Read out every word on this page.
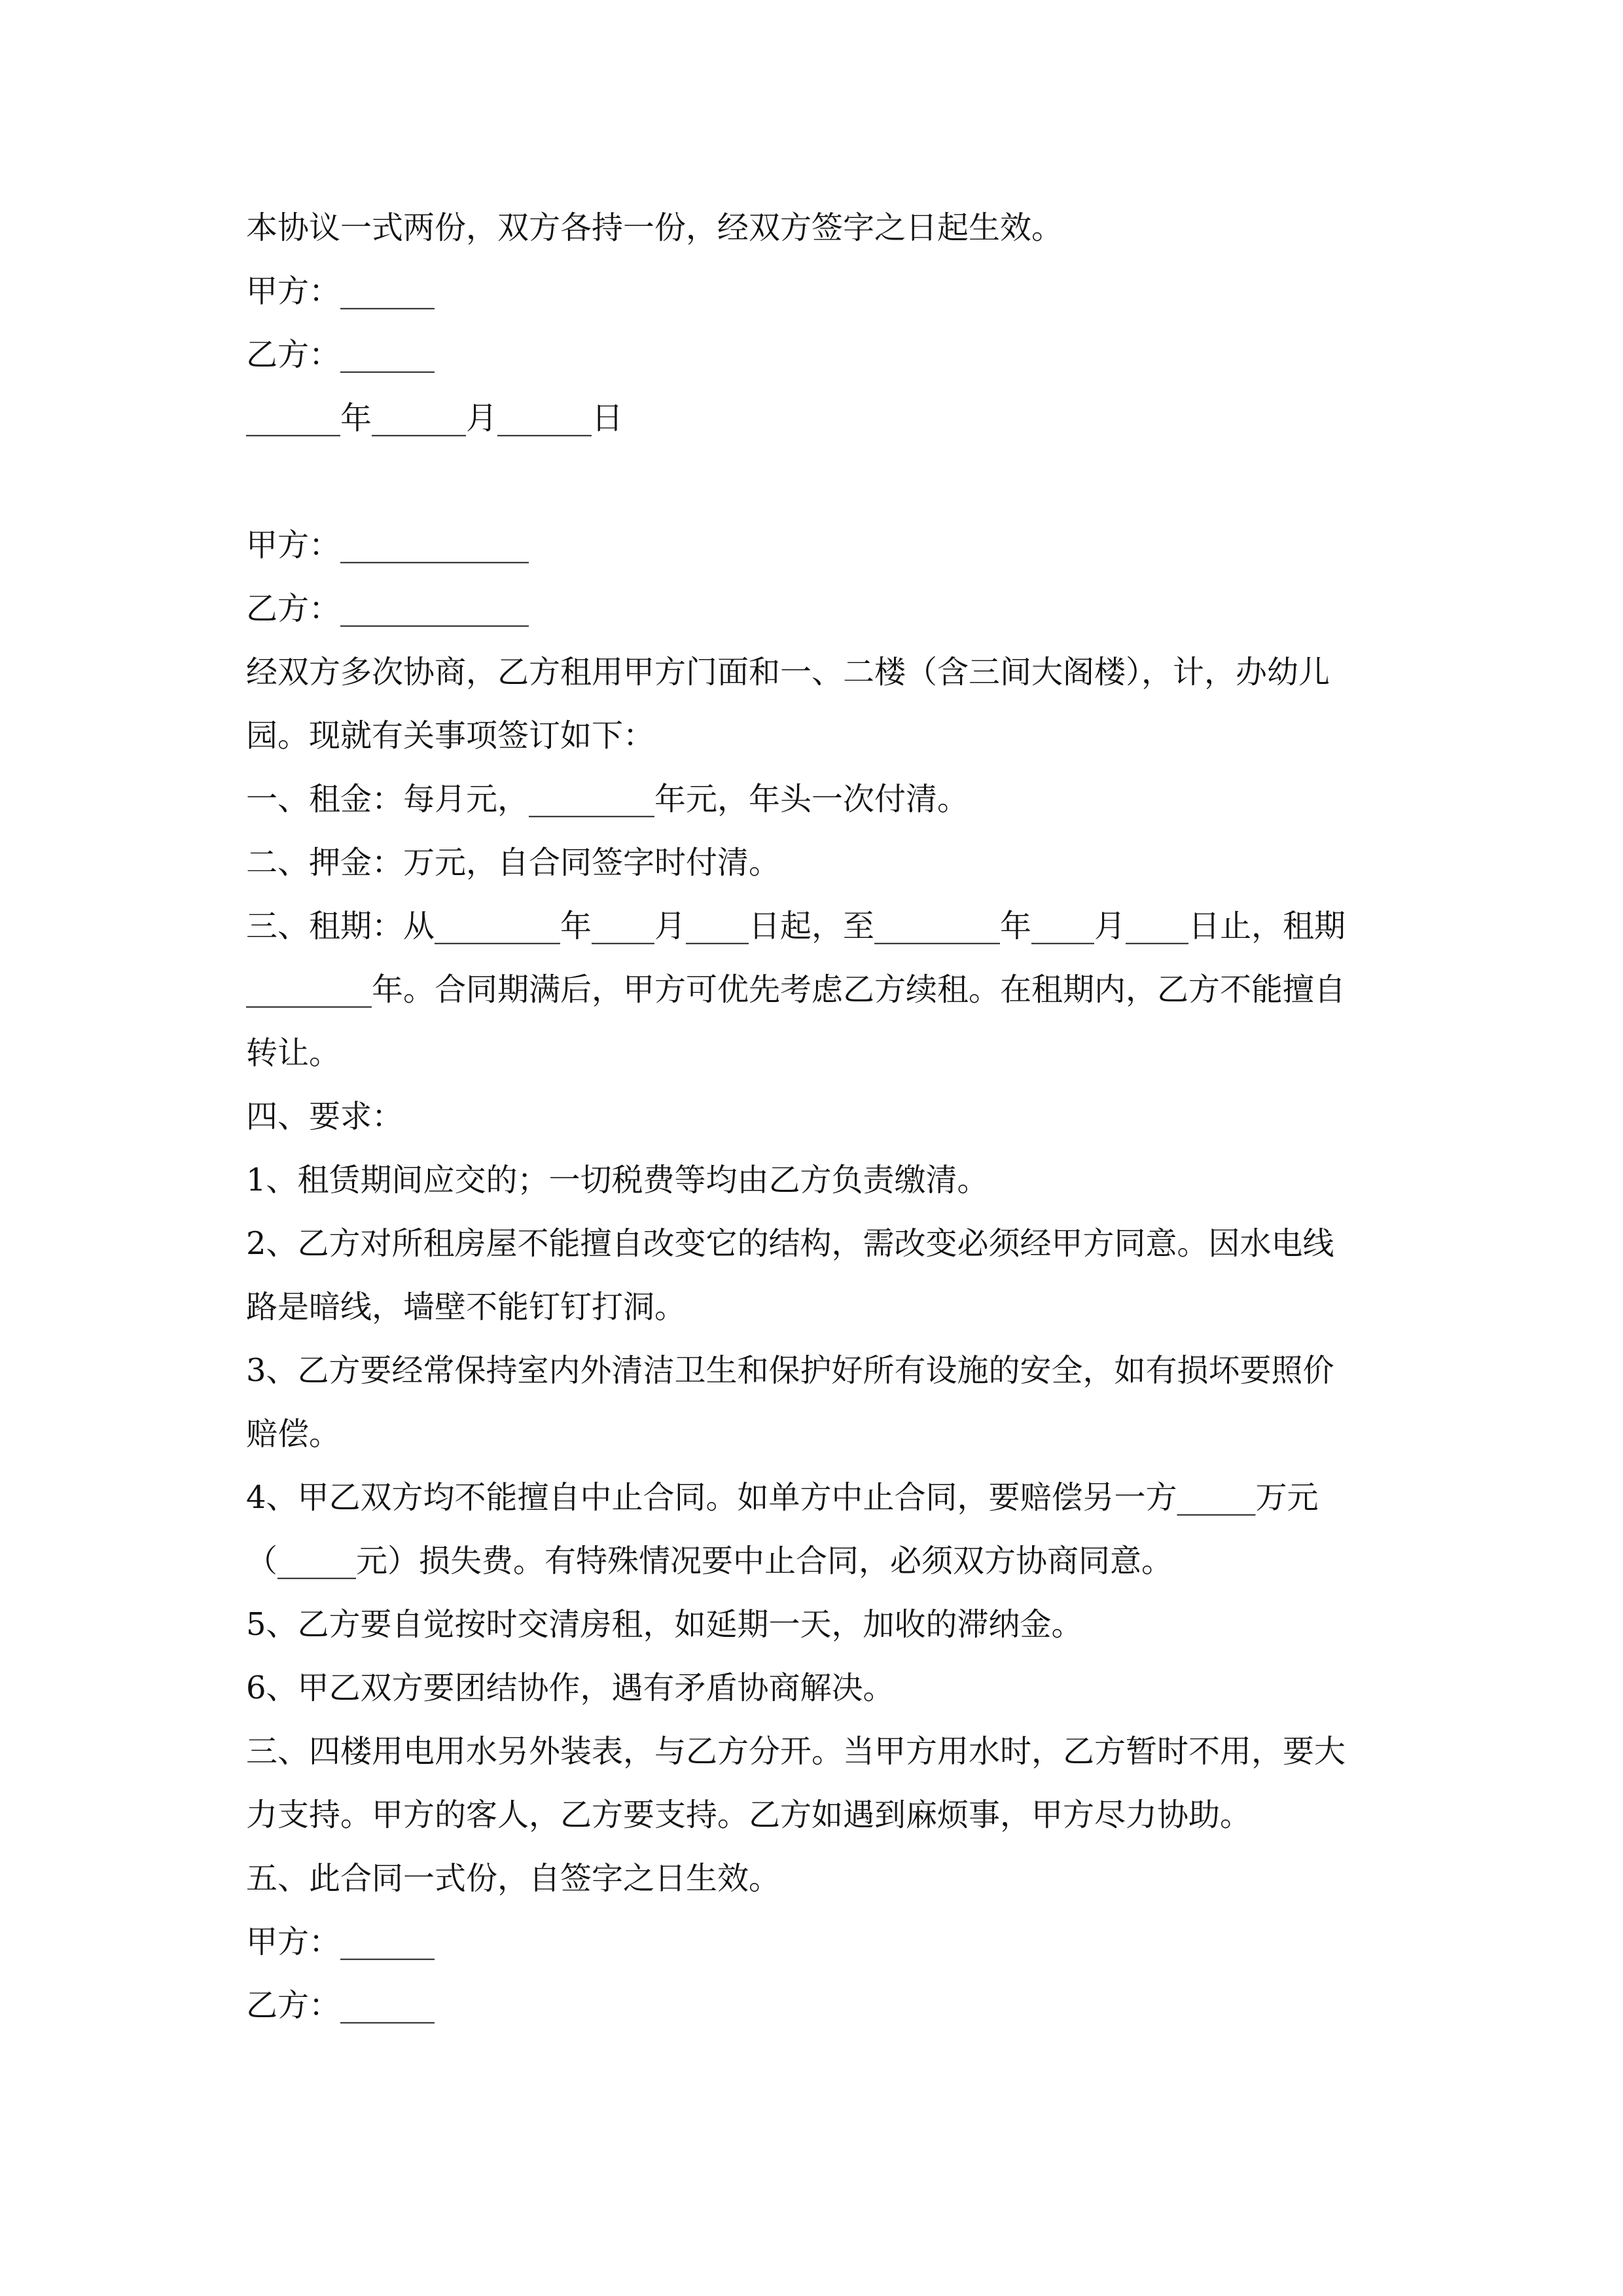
本协议一式两份，双方各持一份，经双方签字之日起生效。
甲方：______
乙方：______
______年______月______日
甲方：____________
乙方：____________
经双方多次协商，乙方租用甲方门面和一、二楼（含三间大阁楼），计，办幼儿
园。现就有关事项签订如下：
一、租金：每月元，________年元，年头一次付清。
二、押金：万元，自合同签字时付清。
三、租期：从________年____月____日起，至________年____月____日止，租期
________年。合同期满后，甲方可优先考虑乙方续租。在租期内，乙方不能擅自
转让。
四、要求：
1、租赁期间应交的；一切税费等均由乙方负责缴清。
2、乙方对所租房屋不能擅自改变它的结构，需改变必须经甲方同意。因水电线
路是暗线，墙壁不能钉钉打洞。
3、乙方要经常保持室内外清洁卫生和保护好所有设施的安全，如有损坏要照价
赔偿。
4、甲乙双方均不能擅自中止合同。如单方中止合同，要赔偿另一方_____万元
（_____元）损失费。有特殊情况要中止合同，必须双方协商同意。
5、乙方要自觉按时交清房租，如延期一天，加收的滞纳金。
6、甲乙双方要团结协作，遇有矛盾协商解决。
三、四楼用电用水另外装表，与乙方分开。当甲方用水时，乙方暂时不用，要大
力支持。甲方的客人，乙方要支持。乙方如遇到麻烦事，甲方尽力协助。
五、此合同一式份，自签字之日生效。
甲方：______
乙方：______
